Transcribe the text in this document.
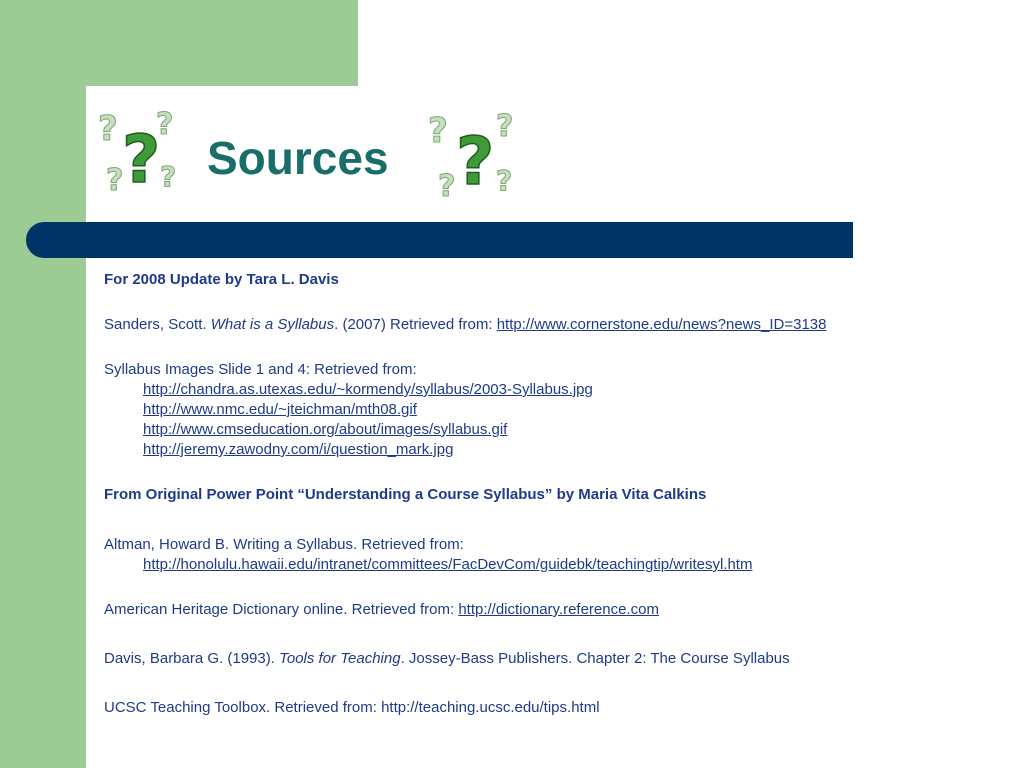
? ?
? ?
? Sources
? ?
? ?
?

For 2008 Update by Tara L. Davis

Sanders, Scott. What is a Syllabus. (2007) Retrieved from: http://www.cornerstone.edu/news?news_ID=3138

Syllabus Images Slide 1 and 4: Retrieved from:

http://chandra.as.utexas.edu/~kormendy/syllabus/2003-Syllabus.jpg

http://www.nmc.edu/~jteichman/mth08.gif

http://www.cmseducation.org/about/images/syllabus.gif

http://jeremy.zawodny.com/i/question_mark.jpg

From Original Power Point “Understanding a Course Syllabus” by Maria Vita Calkins

Altman, Howard B. Writing a Syllabus. Retrieved from:

http://honolulu.hawaii.edu/intranet/committees/FacDevCom/guidebk/teachingtip/writesyl.htm

American Heritage Dictionary online. Retrieved from: http://dictionary.reference.com

Davis, Barbara G. (1993). Tools for Teaching. Jossey-Bass Publishers. Chapter 2: The Course Syllabus

UCSC Teaching Toolbox. Retrieved from: http://teaching.ucsc.edu/tips.html
